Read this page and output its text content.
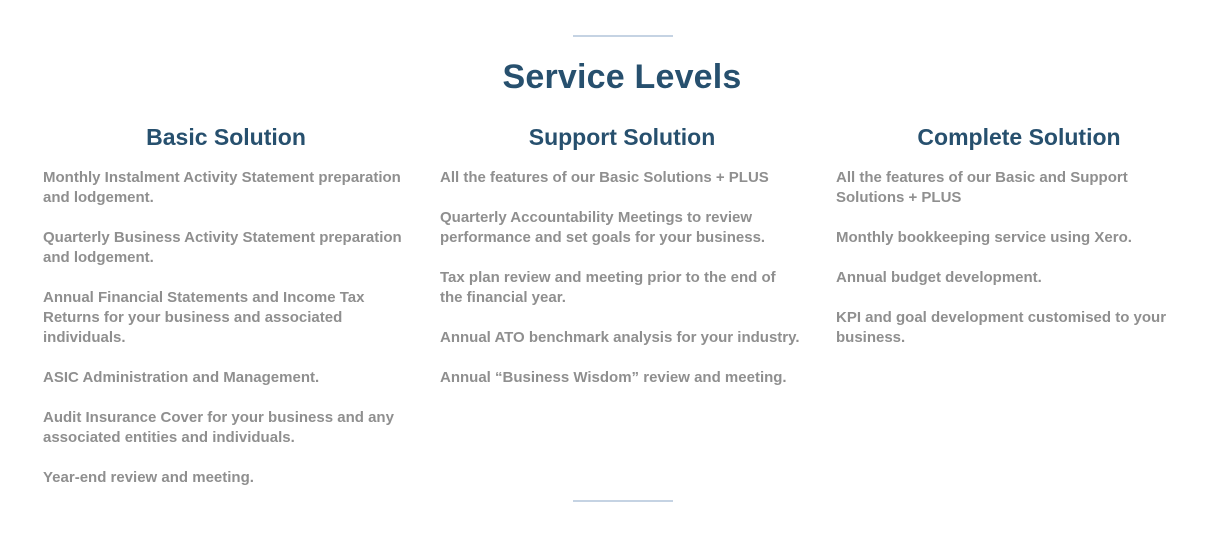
Service Levels
Basic Solution
Monthly Instalment Activity Statement preparation and lodgement.
Quarterly Business Activity Statement preparation and lodgement.
Annual Financial Statements and Income Tax Returns for your business and associated individuals.
ASIC Administration and Management.
Audit Insurance Cover for your business and any associated entities and individuals.
Year-end review and meeting.
Support Solution
All the features of our Basic Solutions + PLUS
Quarterly Accountability Meetings to review performance and set goals for your business.
Tax plan review and meeting prior to the end of the financial year.
Annual ATO benchmark analysis for your industry.
Annual “Business Wisdom” review and meeting.
Complete Solution
All the features of our Basic and Support Solutions + PLUS
Monthly bookkeeping service using Xero.
Annual budget development.
KPI and goal development customised to your business.
